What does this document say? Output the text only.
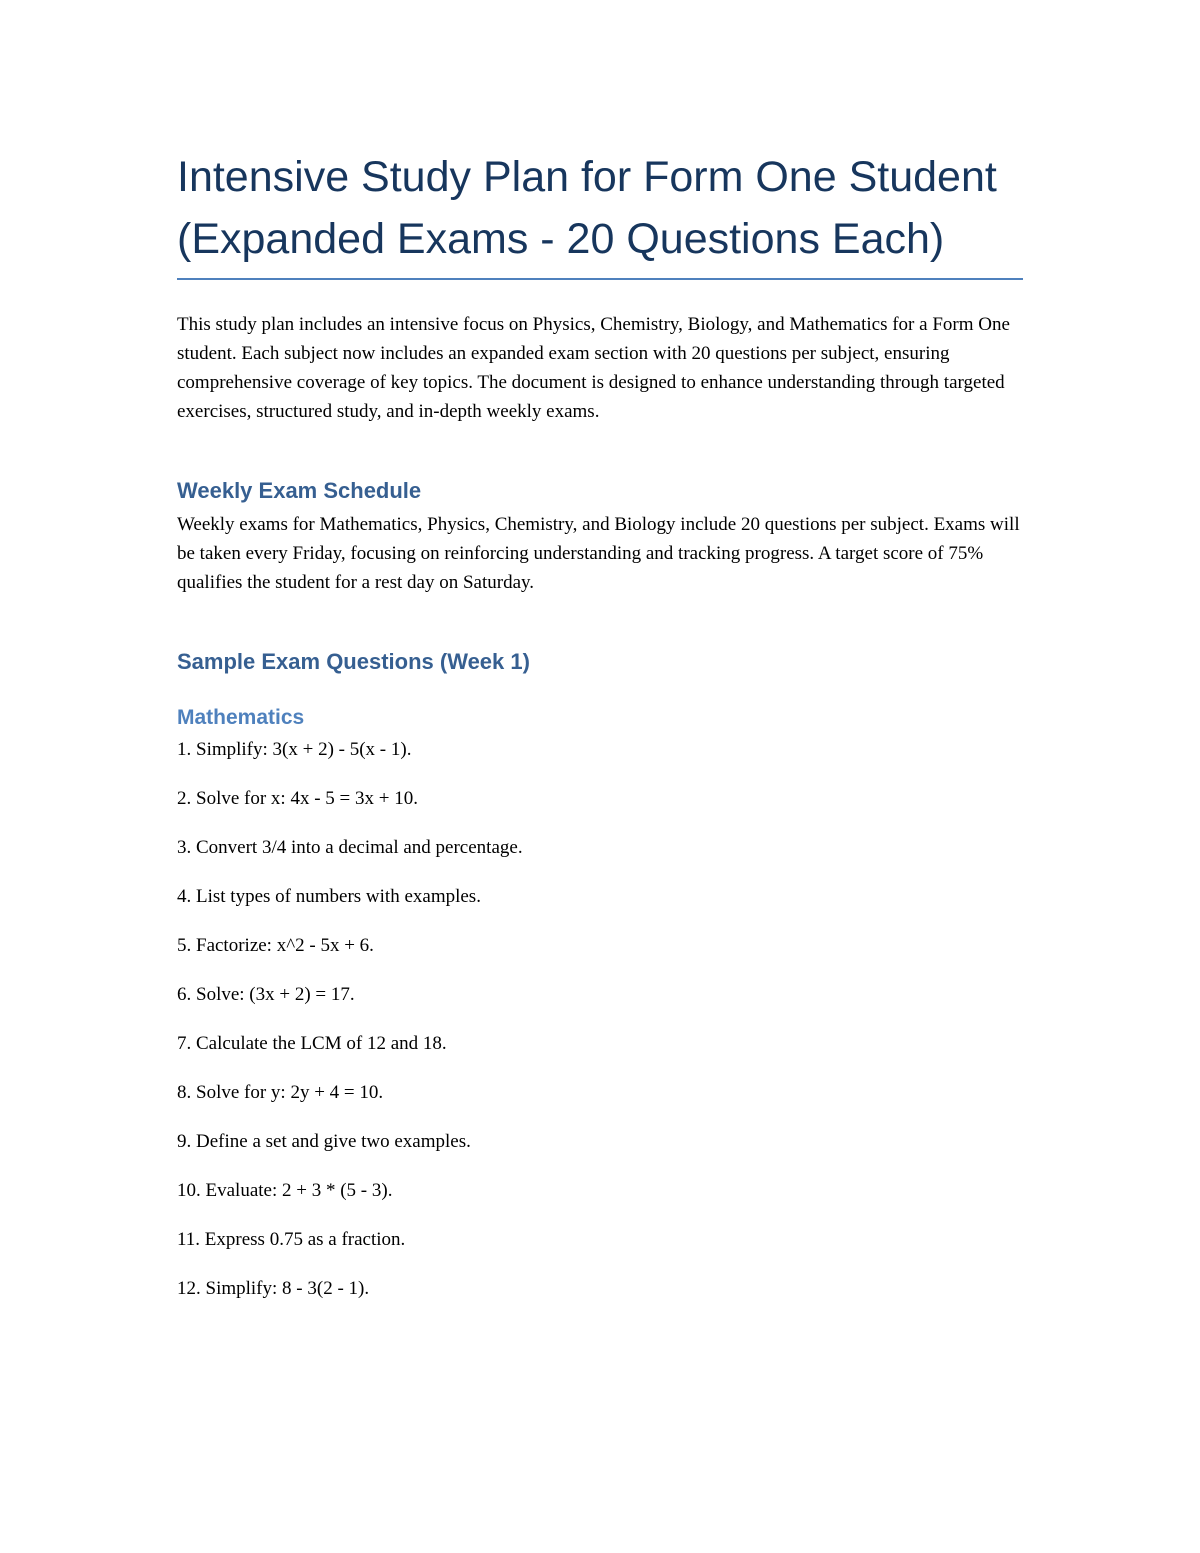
Intensive Study Plan for Form One Student (Expanded Exams - 20 Questions Each)

This study plan includes an intensive focus on Physics, Chemistry, Biology, and Mathematics for a Form One student. Each subject now includes an expanded exam section with 20 questions per subject, ensuring comprehensive coverage of key topics. The document is designed to enhance understanding through targeted exercises, structured study, and in-depth weekly exams.

Weekly Exam Schedule

Weekly exams for Mathematics, Physics, Chemistry, and Biology include 20 questions per subject. Exams will be taken every Friday, focusing on reinforcing understanding and tracking progress. A target score of 75% qualifies the student for a rest day on Saturday.

Sample Exam Questions (Week 1)
Mathematics
1. Simplify: 3(x + 2) - 5(x - 1).
2. Solve for x: 4x - 5 = 3x + 10.
3. Convert 3/4 into a decimal and percentage.
4. List types of numbers with examples.
5. Factorize: x^2 - 5x + 6.
6. Solve: (3x + 2) = 17.
7. Calculate the LCM of 12 and 18.
8. Solve for y: 2y + 4 = 10.
9. Define a set and give two examples.
10. Evaluate: 2 + 3 * (5 - 3).
11. Express 0.75 as a fraction.
12. Simplify: 8 - 3(2 - 1).
